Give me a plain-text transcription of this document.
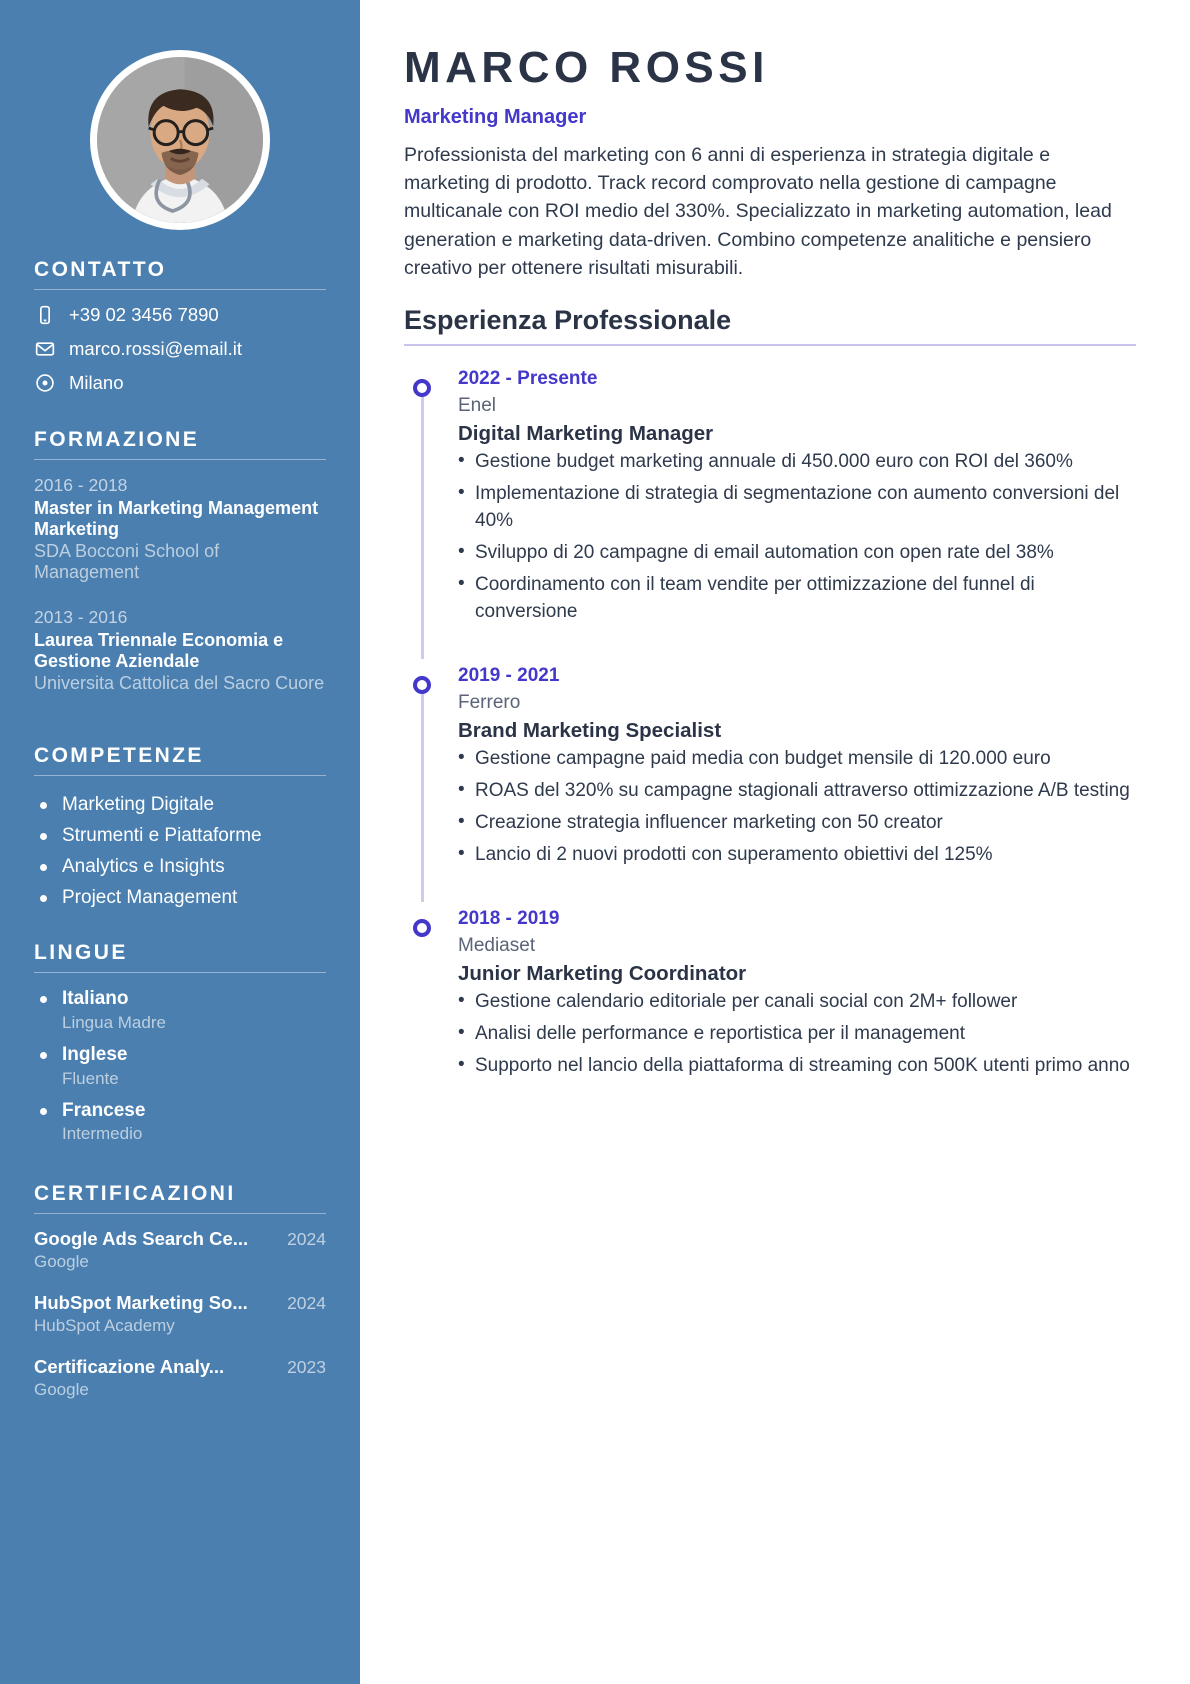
CONTATTO
+39 02 3456 7890
marco.rossi@email.it
Milano
FORMAZIONE
2016 - 2018
Master in Marketing Management Marketing
SDA Bocconi School of Management
2013 - 2016
Laurea Triennale Economia e Gestione Aziendale
Universita Cattolica del Sacro Cuore
COMPETENZE
Marketing Digitale
Strumenti e Piattaforme
Analytics e Insights
Project Management
LINGUE
Italiano
Lingua Madre
Inglese
Fluente
Francese
Intermedio
CERTIFICAZIONI
Google Ads Search Ce... 2024
Google
HubSpot Marketing So... 2024
HubSpot Academy
Certificazione Analy...	2023
Google
MARCO ROSSI
Marketing Manager

Professionista del marketing con 6 anni di esperienza in strategia digitale e marketing di prodotto. Track record comprovato nella gestione di campagne multicanale con ROI medio del 330%. Specializzato in marketing automation, lead generation e marketing data-driven. Combino competenze analitiche e pensiero creativo per ottenere risultati misurabili.

Esperienza Professionale
2022 - Presente
Enel
Digital Marketing Manager
• Gestione budget marketing annuale di 450.000 euro con ROI del 360%
• Implementazione di strategia di segmentazione con aumento conversioni del 40%
• Sviluppo di 20 campagne di email automation con open rate del 38%
• Coordinamento con il team vendite per ottimizzazione del funnel di conversione
2019 - 2021
Ferrero
Brand Marketing Specialist
• Gestione campagne paid media con budget mensile di 120.000 euro
• ROAS del 320% su campagne stagionali attraverso ottimizzazione A/B testing
• Creazione strategia influencer marketing con 50 creator
• Lancio di 2 nuovi prodotti con superamento obiettivi del 125%
2018 - 2019
Mediaset
Junior Marketing Coordinator
• Gestione calendario editoriale per canali social con 2M+ follower
• Analisi delle performance e reportistica per il management
• Supporto nel lancio della piattaforma di streaming con 500K utenti primo anno
